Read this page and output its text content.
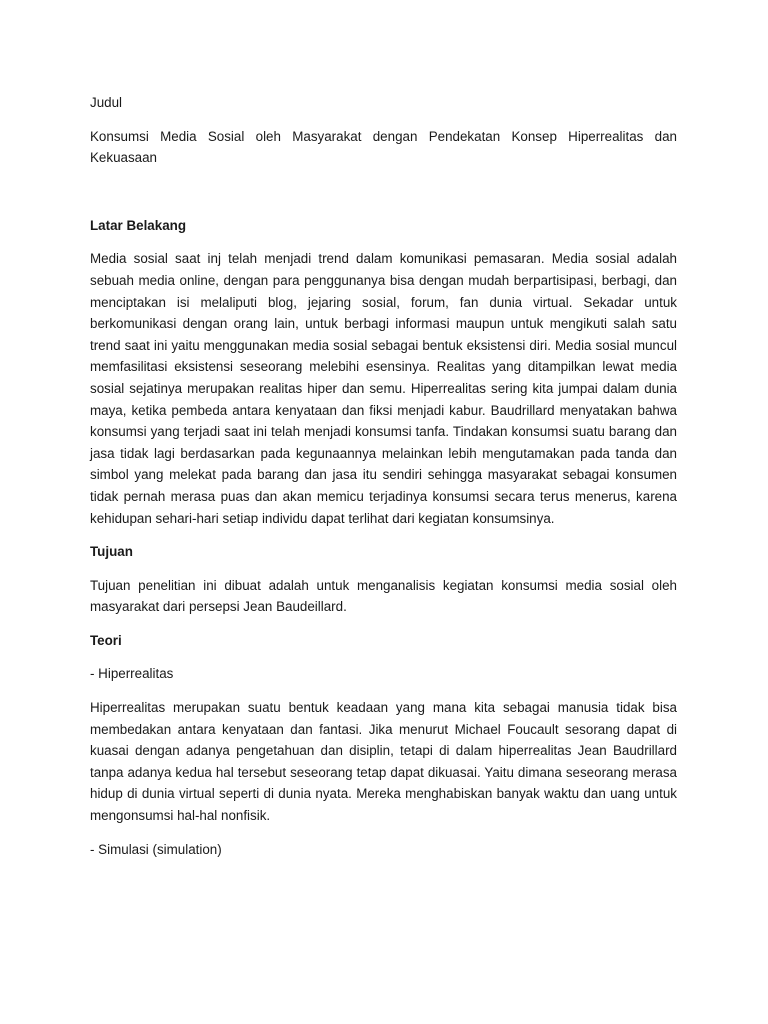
Judul

Konsumsi Media Sosial oleh Masyarakat dengan Pendekatan Konsep Hiperrealitas dan Kekuasaan

Latar Belakang

Media sosial saat inj telah menjadi trend dalam komunikasi pemasaran. Media sosial adalah sebuah media online, dengan para penggunanya bisa dengan mudah berpartisipasi, berbagi, dan menciptakan isi melaliputi blog, jejaring sosial, forum, fan dunia virtual. Sekadar untuk berkomunikasi dengan orang lain, untuk berbagi informasi maupun untuk mengikuti salah satu trend saat ini yaitu menggunakan media sosial sebagai bentuk eksistensi diri. Media sosial muncul memfasilitasi eksistensi seseorang melebihi esensinya. Realitas yang ditampilkan lewat media sosial sejatinya merupakan realitas hiper dan semu. Hiperrealitas sering kita jumpai dalam dunia maya, ketika pembeda antara kenyataan dan fiksi menjadi kabur. Baudrillard menyatakan bahwa konsumsi yang terjadi saat ini telah menjadi konsumsi tanfa. Tindakan konsumsi suatu barang dan jasa tidak lagi berdasarkan pada kegunaannya melainkan lebih mengutamakan pada tanda dan simbol yang melekat pada barang dan jasa itu sendiri sehingga masyarakat sebagai konsumen tidak pernah merasa puas dan akan memicu terjadinya konsumsi secara terus menerus, karena kehidupan sehari-hari setiap individu dapat terlihat dari kegiatan konsumsinya.

Tujuan

Tujuan penelitian ini dibuat adalah untuk menganalisis kegiatan konsumsi media sosial oleh masyarakat dari persepsi Jean Baudeillard.

Teori

- Hiperrealitas

Hiperrealitas merupakan suatu bentuk keadaan yang mana kita sebagai manusia tidak bisa membedakan antara kenyataan dan fantasi. Jika menurut Michael Foucault sesorang dapat di kuasai dengan adanya pengetahuan dan disiplin, tetapi di dalam hiperrealitas Jean Baudrillard tanpa adanya kedua hal tersebut seseorang tetap dapat dikuasai. Yaitu dimana seseorang merasa hidup di dunia virtual seperti di dunia nyata. Mereka menghabiskan banyak waktu dan uang untuk mengonsumsi hal-hal nonfisik.

- Simulasi (simulation)
